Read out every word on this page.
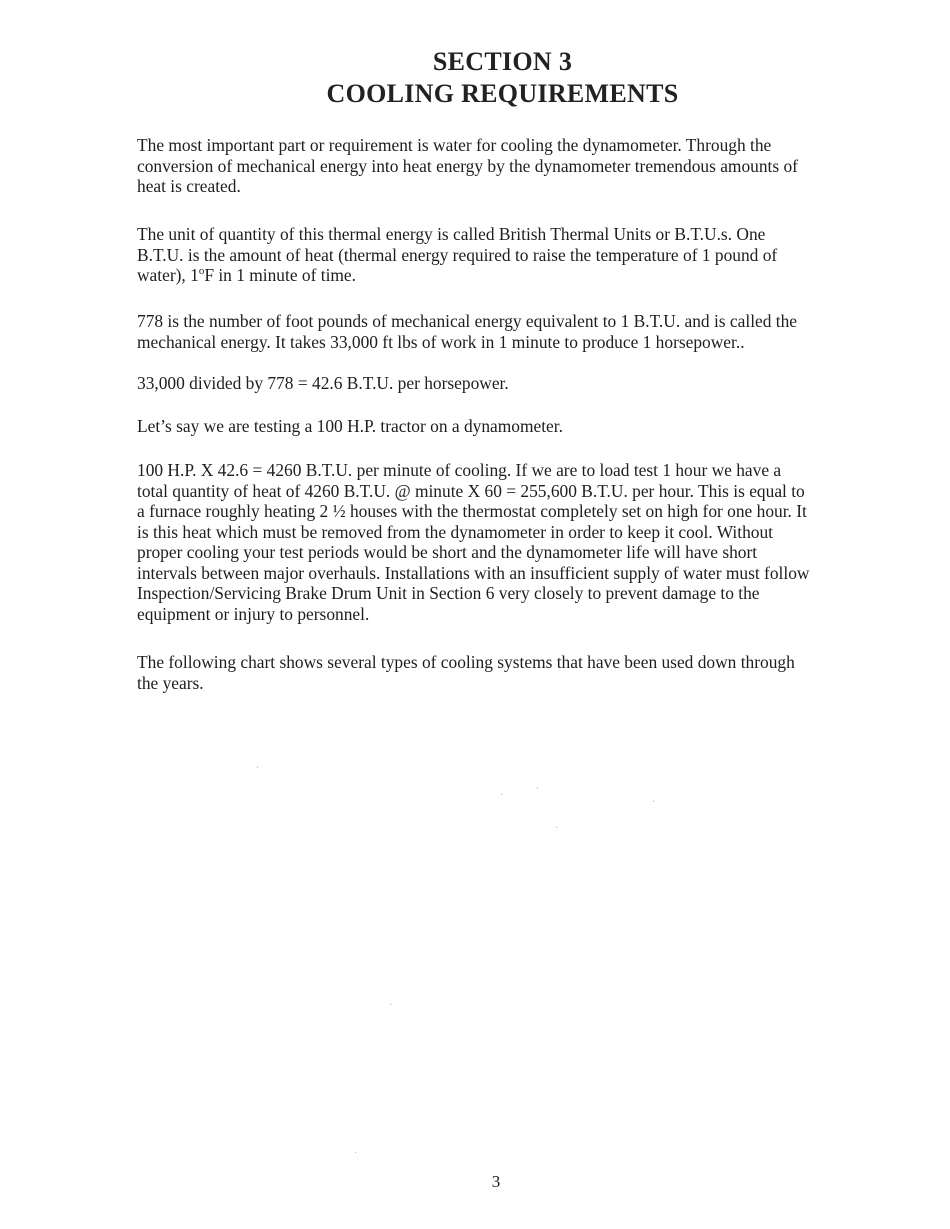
SECTION 3
COOLING REQUIREMENTS
The most important part or requirement is water for cooling the dynamometer. Through the
conversion of mechanical energy into heat energy by the dynamometer tremendous amounts of
heat is created.
The unit of quantity of this thermal energy is called British Thermal Units or B.T.U.s. One
B.T.U. is the amount of heat (thermal energy required to raise the temperature of 1 pound of
water), 1$^o$F in 1 minute of time.
778 is the number of foot pounds of mechanical energy equivalent to 1 B.T.U. and is called the
mechanical energy. It takes 33,000 ft lbs of work in 1 minute to produce 1 horsepower..
33,000 divided by 778 = 42.6 B.T.U. per horsepower.
Let’s say we are testing a 100 H.P. tractor on a dynamometer.
100 H.P. X 42.6 = 4260 B.T.U. per minute of cooling. If we are to load test 1 hour we have a
total quantity of heat of 4260 B.T.U. @ minute X 60 = 255,600 B.T.U. per hour. This is equal to
a furnace roughly heating 2 ½ houses with the thermostat completely set on high for one hour. It
is this heat which must be removed from the dynamometer in order to keep it cool. Without
proper cooling your test periods would be short and the dynamometer life will have short
intervals between major overhauls. Installations with an insufficient supply of water must follow
Inspection/Servicing Brake Drum Unit in Section 6 very closely to prevent damage to the
equipment or injury to personnel.
The following chart shows several types of cooling systems that have been used down through
the years.
·
·
·
·
·
·
·
3
